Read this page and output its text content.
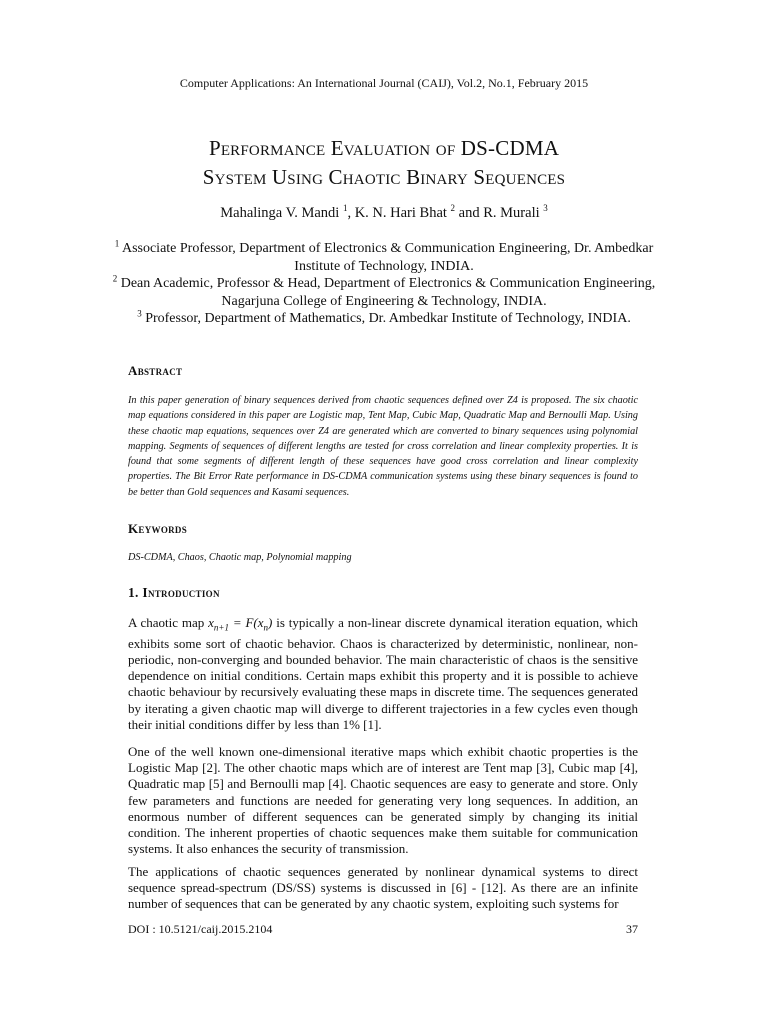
Computer Applications: An International Journal (CAIJ), Vol.2, No.1, February 2015
Performance Evaluation of DS-CDMA
System Using Chaotic Binary Sequences
Mahalinga V. Mandi $^1$, K. N. Hari Bhat $^2$ and R. Murali $^3$

$^1$ Associate Professor, Department of Electronics & Communication Engineering, Dr. Ambedkar Institute of Technology, INDIA.

$^2$ Dean Academic, Professor & Head, Department of Electronics & Communication Engineering, Nagarjuna College of Engineering & Technology, INDIA.

$^3$ Professor, Department of Mathematics, Dr. Ambedkar Institute of Technology, INDIA.

Abstract

In this paper generation of binary sequences derived from chaotic sequences defined over Z4 is proposed. The six chaotic map equations considered in this paper are Logistic map, Tent Map, Cubic Map, Quadratic Map and Bernoulli Map. Using these chaotic map equations, sequences over Z4 are generated which are converted to binary sequences using polynomial mapping. Segments of sequences of different lengths are tested for cross correlation and linear complexity properties. It is found that some segments of different length of these sequences have good cross correlation and linear complexity properties. The Bit Error Rate performance in DS-CDMA communication systems using these binary sequences is found to be better than Gold sequences and Kasami sequences.

Keywords

DS-CDMA, Chaos, Chaotic map, Polynomial mapping

1. Introduction

A chaotic map $x_{n+1} = F(x_n)$ is typically a non-linear discrete dynamical iteration equation, which exhibits some sort of chaotic behavior. Chaos is characterized by deterministic, nonlinear, non-periodic, non-converging and bounded behavior. The main characteristic of chaos is the sensitive dependence on initial conditions. Certain maps exhibit this property and it is possible to achieve chaotic behaviour by recursively evaluating these maps in discrete time. The sequences generated by iterating a given chaotic map will diverge to different trajectories in a few cycles even though their initial conditions differ by less than 1% [1].

One of the well known one-dimensional iterative maps which exhibit chaotic properties is the Logistic Map [2]. The other chaotic maps which are of interest are Tent map [3], Cubic map [4], Quadratic map [5] and Bernoulli map [4]. Chaotic sequences are easy to generate and store. Only few parameters and functions are needed for generating very long sequences. In addition, an enormous number of different sequences can be generated simply by changing its initial condition. The inherent properties of chaotic sequences make them suitable for communication systems. It also enhances the security of transmission.

The applications of chaotic sequences generated by nonlinear dynamical systems to direct sequence spread-spectrum (DS/SS) systems is discussed in [6] - [12]. As there are an infinite number of sequences that can be generated by any chaotic system, exploiting such systems for

DOI : 10.5121/caij.2015.2104	37
